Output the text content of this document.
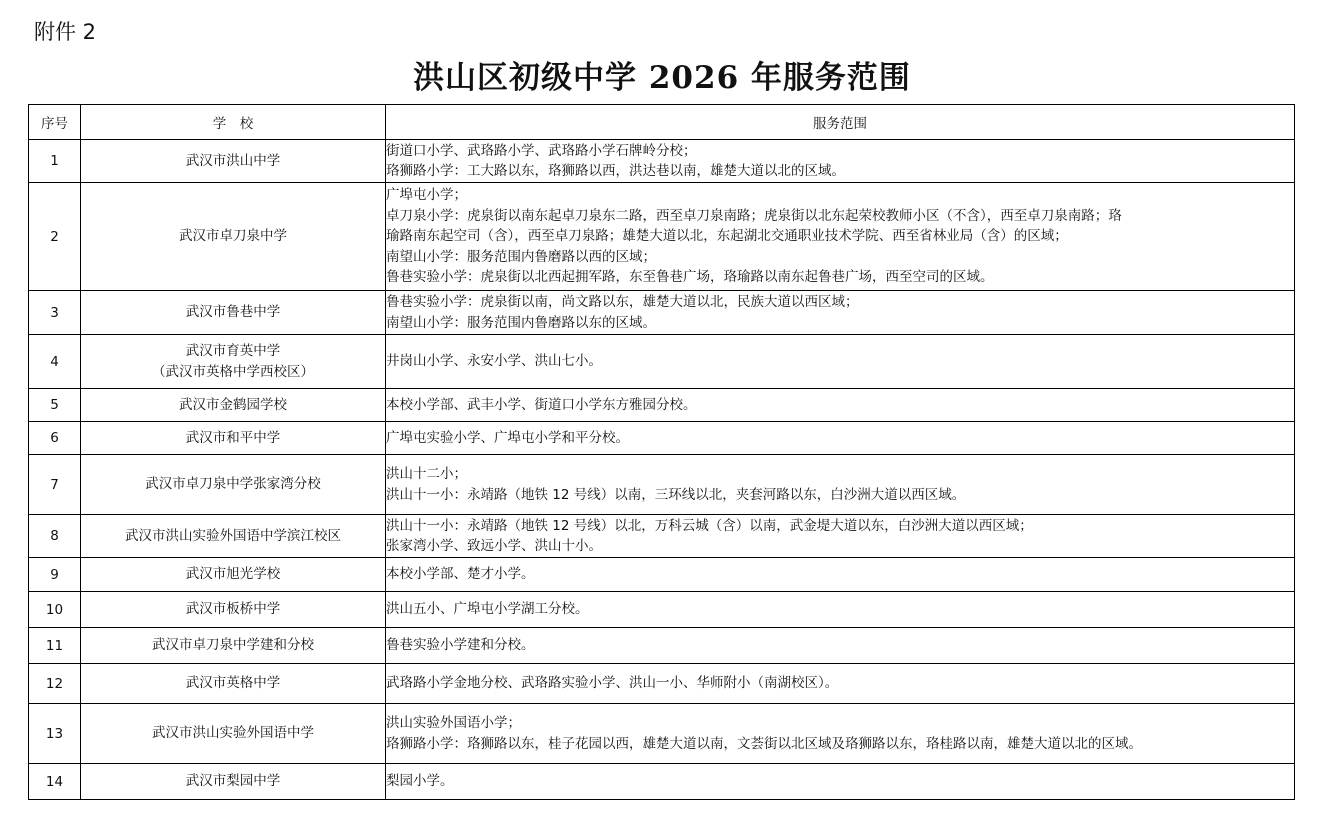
附件 2
洪山区初级中学 2026 年服务范围
序号	学　校	服务范围
1	武汉市洪山中学	街道口小学、武珞路小学、武珞路小学石牌岭分校；
珞狮路小学：工大路以东，珞狮路以西，洪达巷以南，雄楚大道以北的区域。

2	武汉市卓刀泉中学	广埠屯小学；
卓刀泉小学：虎泉街以南东起卓刀泉东二路，西至卓刀泉南路；虎泉街以北东起荣校教师小区（不含），西至卓刀泉南路；珞
瑜路南东起空司（含），西至卓刀泉路；雄楚大道以北，东起湖北交通职业技术学院、西至省林业局（含）的区域；
南望山小学：服务范围内鲁磨路以西的区域；
鲁巷实验小学：虎泉街以北西起拥军路，东至鲁巷广场，珞瑜路以南东起鲁巷广场，西至空司的区域。

3	武汉市鲁巷中学	鲁巷实验小学：虎泉街以南，尚文路以东，雄楚大道以北，民族大道以西区域；
南望山小学：服务范围内鲁磨路以东的区域。

4	武汉市育英中学
（武汉市英格中学西校区）	井岗山小学、永安小学、洪山七小。

5	武汉市金鹤园学校	本校小学部、武丰小学、街道口小学东方雅园分校。

6	武汉市和平中学	广埠屯实验小学、广埠屯小学和平分校。

7	武汉市卓刀泉中学张家湾分校	洪山十二小；
洪山十一小：永靖路（地铁 12 号线）以南，三环线以北，夹套河路以东，白沙洲大道以西区域。

8	武汉市洪山实验外国语中学滨江校区	洪山十一小：永靖路（地铁 12 号线）以北，万科云城（含）以南，武金堤大道以东，白沙洲大道以西区域；
张家湾小学、致远小学、洪山十小。

9	武汉市旭光学校	本校小学部、楚才小学。

10	武汉市板桥中学	洪山五小、广埠屯小学湖工分校。

11	武汉市卓刀泉中学建和分校	鲁巷实验小学建和分校。

12	武汉市英格中学	武珞路小学金地分校、武珞路实验小学、洪山一小、华师附小（南湖校区）。

13	武汉市洪山实验外国语中学	洪山实验外国语小学；
珞狮路小学：珞狮路以东，桂子花园以西，雄楚大道以南，文荟街以北区域及珞狮路以东，珞桂路以南，雄楚大道以北的区域。

14	武汉市梨园中学	梨园小学。
